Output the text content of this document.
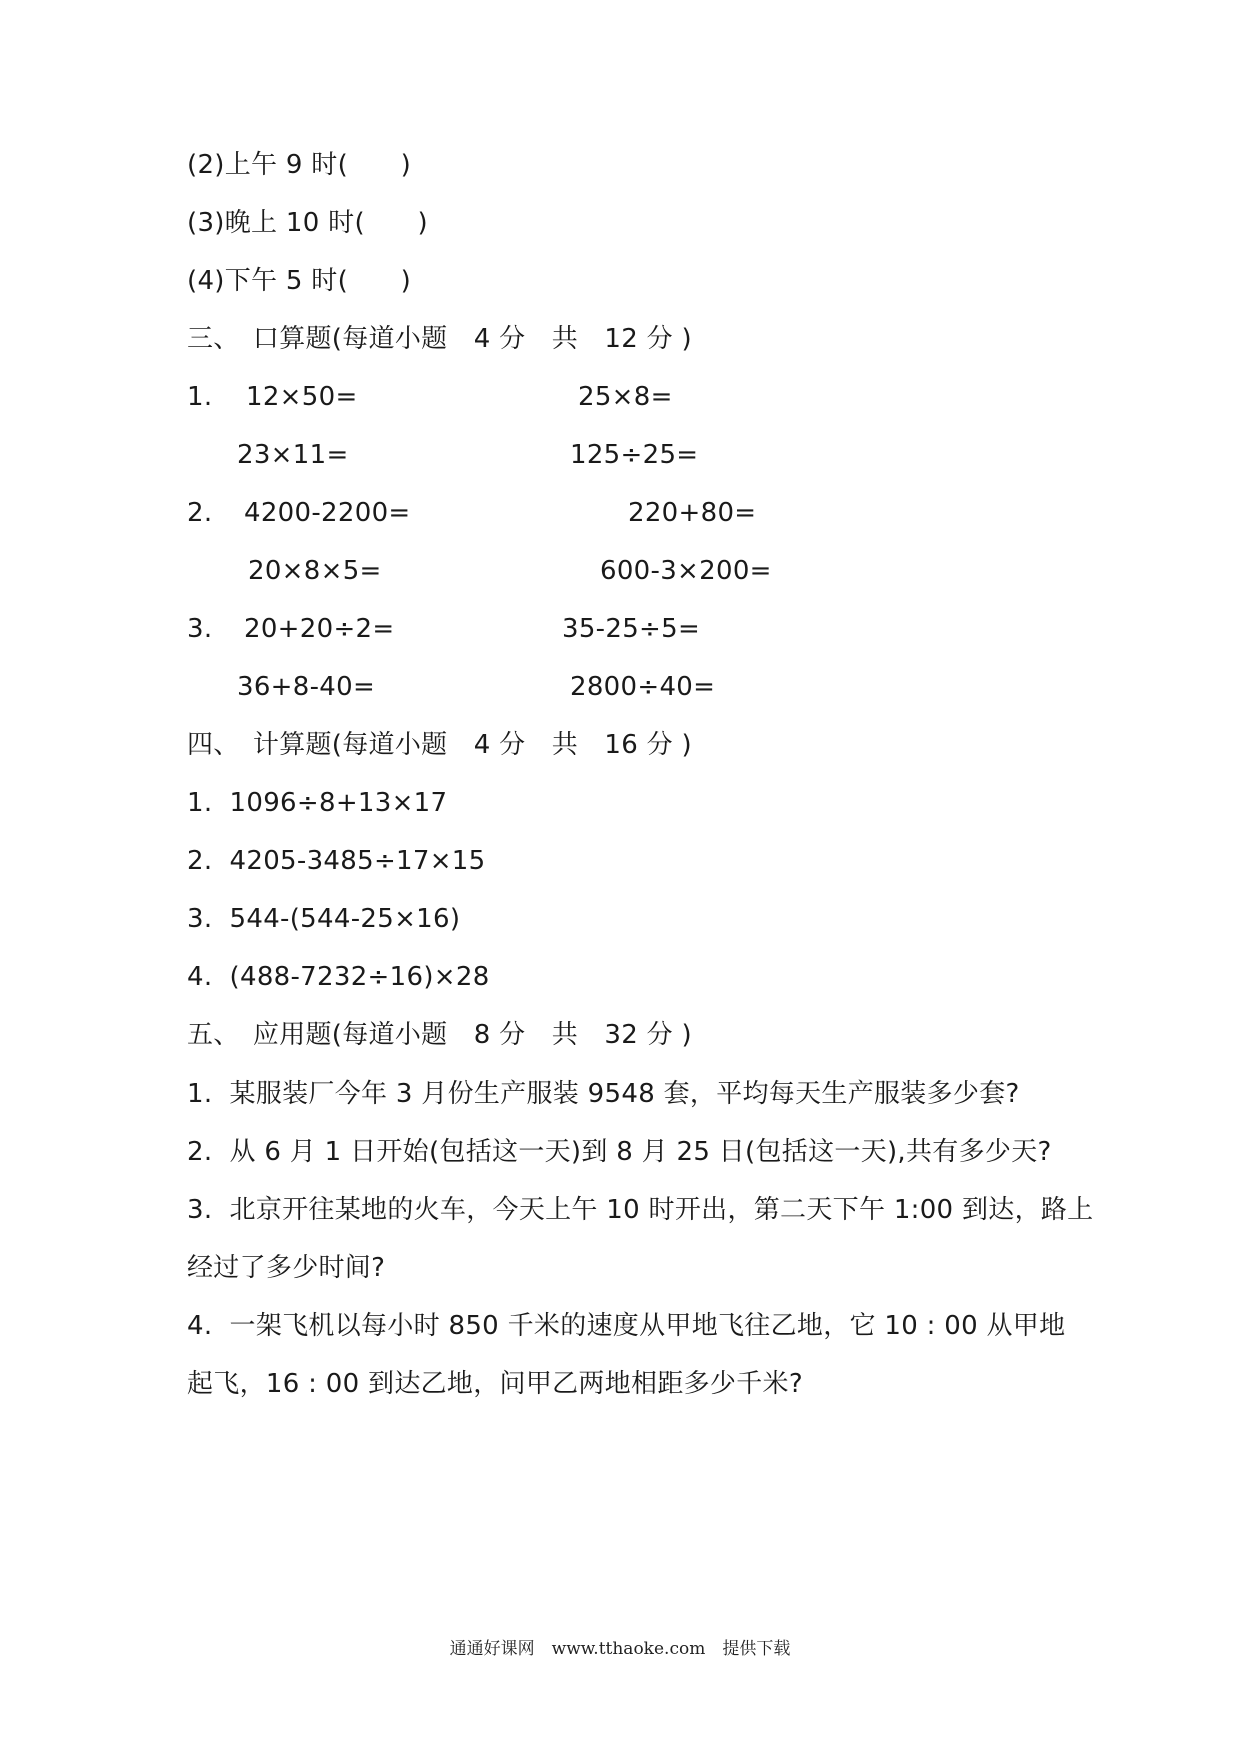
(2)上午 9 时(　　)
(3)晚上 10 时(　　)
(4)下午 5 时(　　)
三、　口算题(每道小题　4 分　共　12 分 )
1. 12×50=	25×8=
23×11=	125÷25=
2. 4200-2200=	220+80=
20×8×5=	600-3×200=
3. 20+20÷2=	35-25÷5=
36+8-40=	2800÷40=
四、　计算题(每道小题　4 分　共　16 分 )
1.  1096÷8+13×17
2.  4205-3485÷17×15
3.  544-(544-25×16)
4.  (488-7232÷16)×28
五、　应用题(每道小题　8 分　共　32 分 )
1.  某服装厂今年 3 月份生产服装 9548 套，平均每天生产服装多少套?
2.  从 6 月 1 日开始(包括这一天)到 8 月 25 日(包括这一天),共有多少天?
3.  北京开往某地的火车，今天上午 10 时开出，第二天下午 1:00 到达，路上
经过了多少时间?
4.  一架飞机以每小时 850 千米的速度从甲地飞往乙地，它 10 : 00 从甲地
起飞，16 : 00 到达乙地，问甲乙两地相距多少千米?
通通好课网　www.tthaoke.com　提供下载
